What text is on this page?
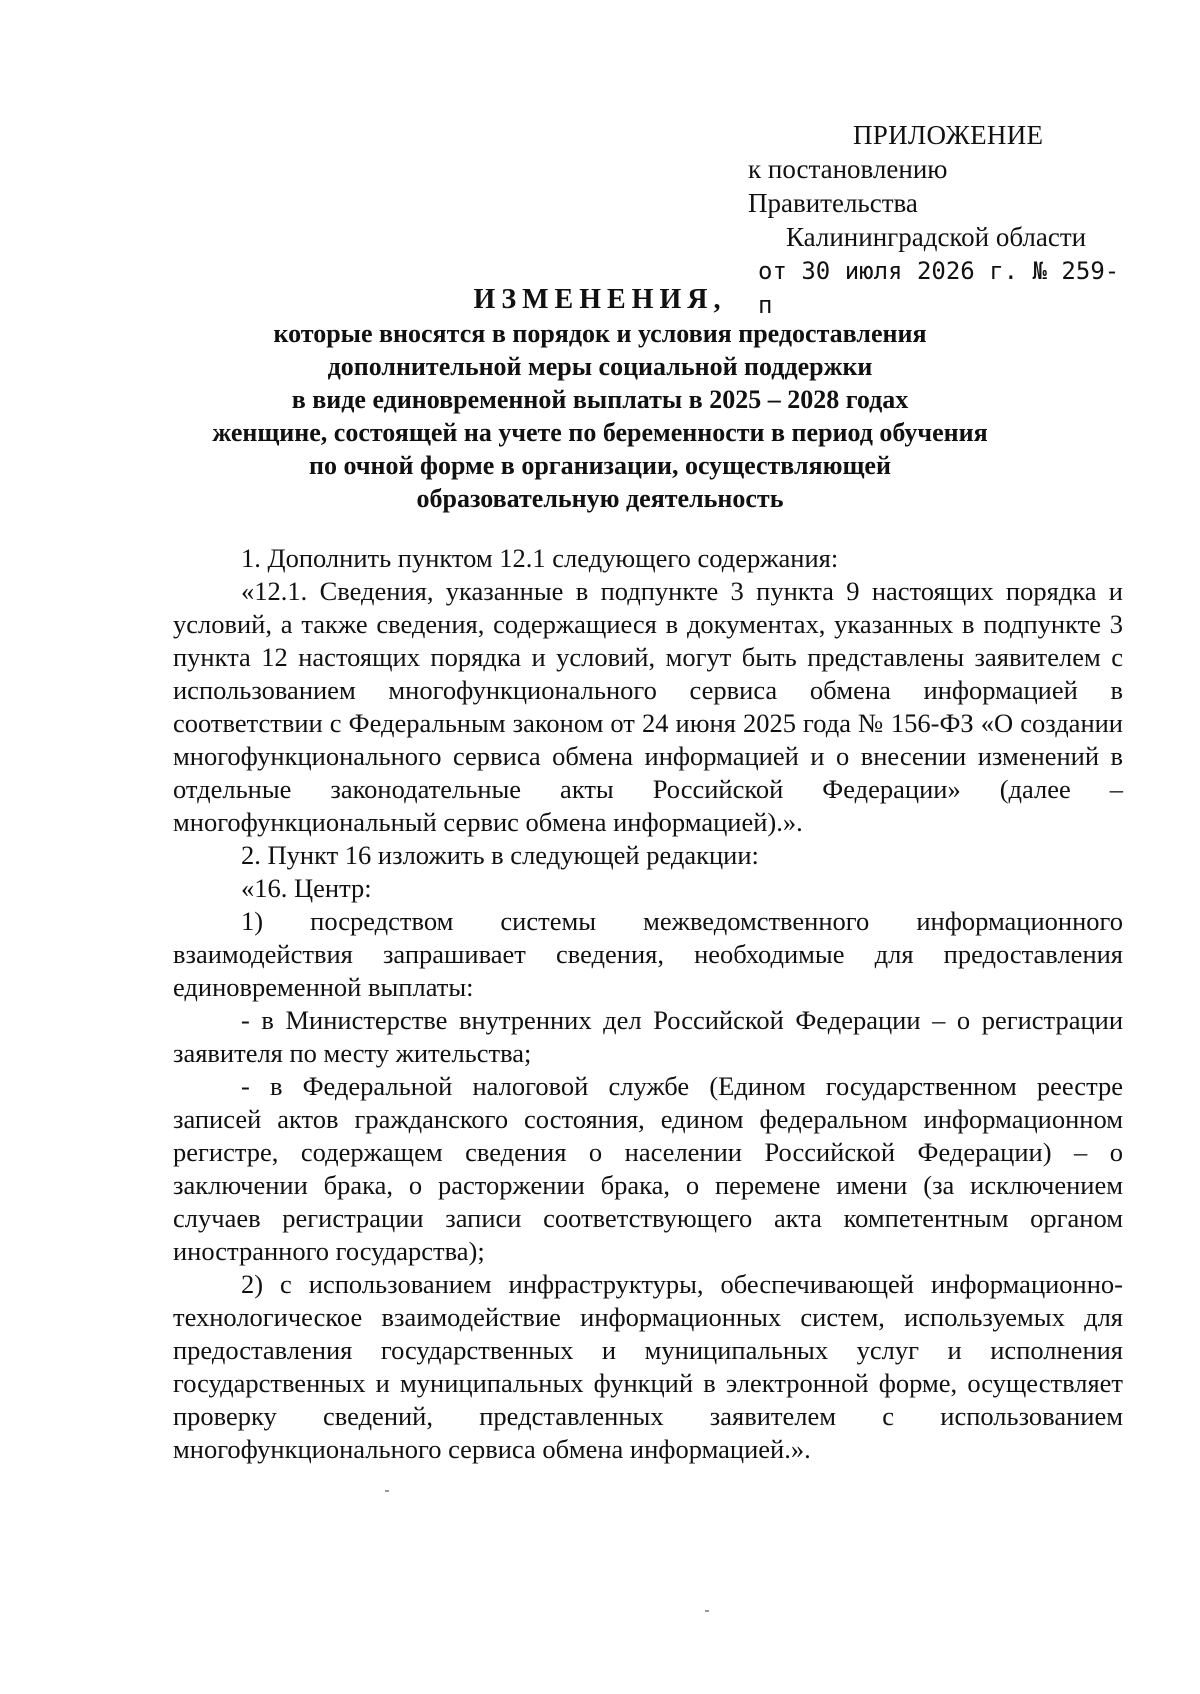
ПРИЛОЖЕНИЕ
к постановлению Правительства
Калининградской области
от 30 июля 2026 г. № 259-п
ИЗМЕНЕНИЯ,
которые вносятся в порядок и условия предоставления
дополнительной меры социальной поддержки
в виде единовременной выплаты в 2025 – 2028 годах
женщине, состоящей на учете по беременности в период обучения
по очной форме в организации, осуществляющей
образовательную деятельность

1. Дополнить пунктом 12.1 следующего содержания:

«12.1. Сведения, указанные в подпункте 3 пункта 9 настоящих порядка и условий, а также сведения, содержащиеся в документах, указанных в подпункте 3 пункта 12 настоящих порядка и условий, могут быть представлены заявителем с использованием многофункционального сервиса обмена информацией в соответствии с Федеральным законом от 24 июня 2025 года № 156-ФЗ «О создании многофункционального сервиса обмена информацией и о внесении изменений в отдельные законодательные акты Российской Федерации» (далее – многофункциональный сервис обмена информацией).».

2. Пункт 16 изложить в следующей редакции:

«16. Центр:

1) посредством системы межведомственного информационного взаимодействия запрашивает сведения, необходимые для предоставления единовременной выплаты:

- в Министерстве внутренних дел Российской Федерации – о регистрации заявителя по месту жительства;

- в Федеральной налоговой службе (Едином государственном реестре записей актов гражданского состояния, едином федеральном информационном регистре, содержащем сведения о населении Российской Федерации) – о заключении брака, о расторжении брака, о перемене имени (за исключением случаев регистрации записи соответствующего акта компетентным органом иностранного государства);

2) с использованием инфраструктуры, обеспечивающей информационно-технологическое взаимодействие информационных систем, используемых для предоставления государственных и муниципальных услуг и исполнения государственных и муниципальных функций в электронной форме, осуществляет проверку сведений, представленных заявителем с использованием многофункционального сервиса обмена информацией.».
